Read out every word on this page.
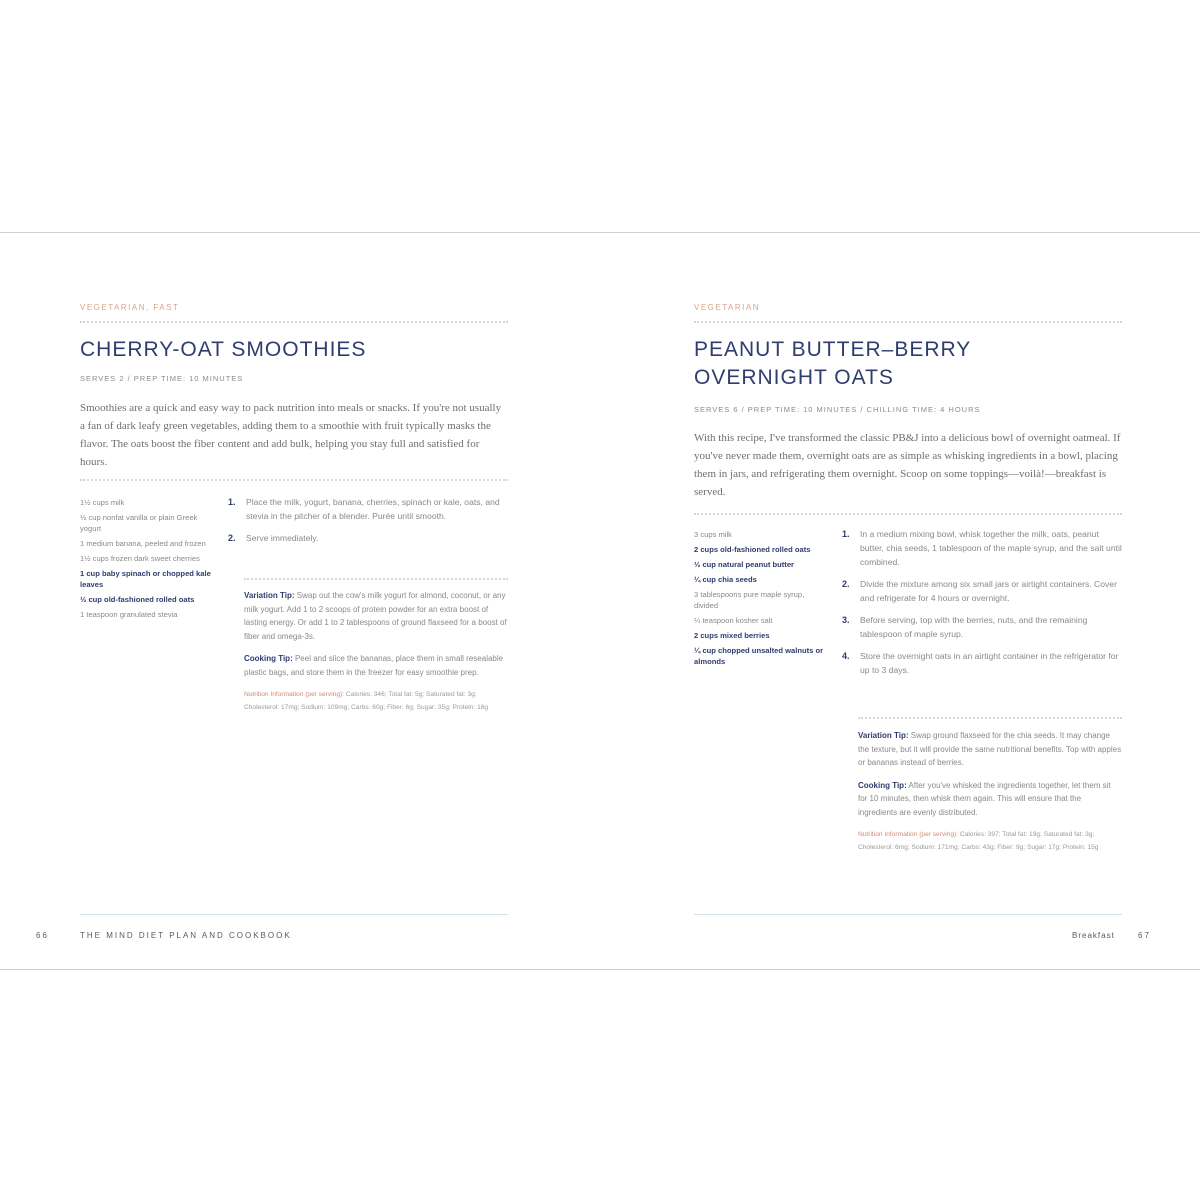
VEGETARIAN, FAST
CHERRY-OAT SMOOTHIES
SERVES 2 / PREP TIME: 10 MINUTES
Smoothies are a quick and easy way to pack nutrition into meals or snacks. If you're not usually a fan of dark leafy green vegetables, adding them to a smoothie with fruit typically masks the flavor. The oats boost the fiber content and add bulk, helping you stay full and satisfied for hours.
1½ cups milk
½ cup nonfat vanilla or plain Greek yogurt
1 medium banana, peeled and frozen
1½ cups frozen dark sweet cherries
1 cup baby spinach or chopped kale leaves
½ cup old-fashioned rolled oats
1 teaspoon granulated stevia
1.	Place the milk, yogurt, banana, cherries, spinach or kale, oats, and stevia in the pitcher of a blender. Purée until smooth.
2.	Serve immediately.
Variation Tip: Swap out the cow's milk yogurt for almond, coconut, or any milk yogurt. Add 1 to 2 scoops of protein powder for an extra boost of lasting energy. Or add 1 to 2 tablespoons of ground flaxseed for a boost of fiber and omega-3s.
Cooking Tip: Peel and slice the bananas, place them in small resealable plastic bags, and store them in the freezer for easy smoothie prep.
Nutrition Information (per serving): Calories: 346; Total fat: 5g; Saturated fat: 3g; Cholesterol: 17mg; Sodium: 109mg; Carbs: 60g; Fiber: 6g; Sugar: 35g; Protein: 16g
66	THE MIND DIET PLAN AND COOKBOOK
VEGETARIAN
PEANUT BUTTER–BERRY
OVERNIGHT OATS
SERVES 6 / PREP TIME: 10 MINUTES / CHILLING TIME: 4 HOURS
With this recipe, I've transformed the classic PB&J into a delicious bowl of overnight oatmeal. If you've never made them, overnight oats are as simple as whisking ingredients in a bowl, placing them in jars, and refrigerating them overnight. Scoop on some toppings—voilà!—breakfast is served.
3 cups milk
2 cups old-fashioned rolled oats
½ cup natural peanut butter
¼ cup chia seeds
3 tablespoons pure maple syrup, divided
¼ teaspoon kosher salt
2 cups mixed berries
¼ cup chopped unsalted walnuts or almonds
1.	In a medium mixing bowl, whisk together the milk, oats, peanut butter, chia seeds, 1 tablespoon of the maple syrup, and the salt until combined.
2.	Divide the mixture among six small jars or airtight containers. Cover and refrigerate for 4 hours or overnight.
3.	Before serving, top with the berries, nuts, and the remaining tablespoon of maple syrup.
4.	Store the overnight oats in an airtight container in the refrigerator for up to 3 days.
Variation Tip: Swap ground flaxseed for the chia seeds. It may change the texture, but it will provide the same nutritional benefits. Top with apples or bananas instead of berries.
Cooking Tip: After you've whisked the ingredients together, let them sit for 10 minutes, then whisk them again. This will ensure that the ingredients are evenly distributed.
Nutrition Information (per serving): Calories: 397; Total fat: 19g; Saturated fat: 3g; Cholesterol: 6mg; Sodium: 171mg; Carbs: 43g; Fiber: 9g; Sugar: 17g; Protein: 15g
Breakfast	67
